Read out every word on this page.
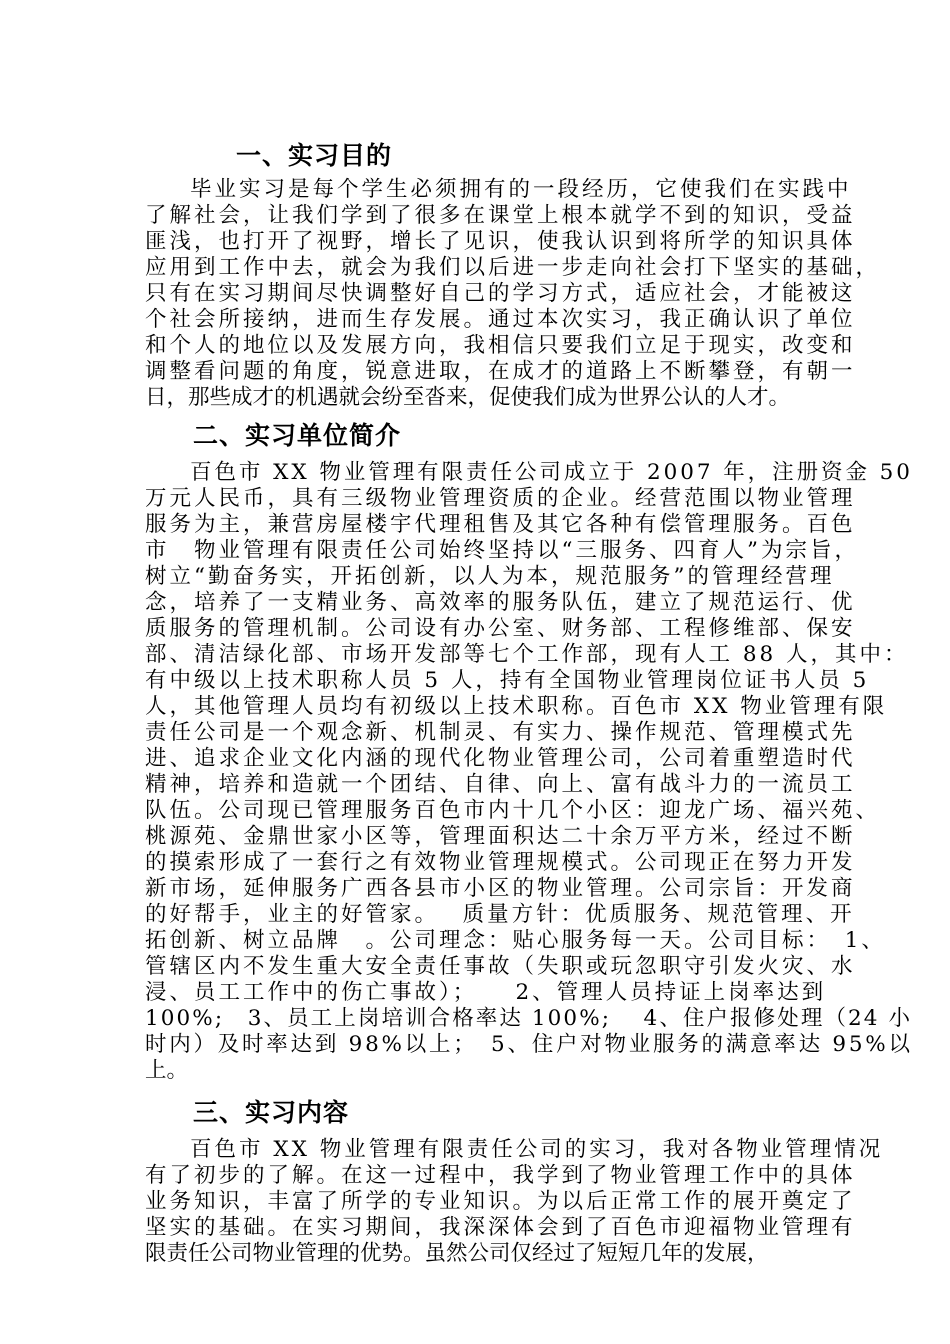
一、实习目的
毕业实习是每个学生必须拥有的一段经历，它使我们在实践中
了解社会，让我们学到了很多在课堂上根本就学不到的知识，受益
匪浅，也打开了视野，增长了见识，使我认识到将所学的知识具体
应用到工作中去，就会为我们以后进一步走向社会打下坚实的基础，
只有在实习期间尽快调整好自己的学习方式，适应社会，才能被这
个社会所接纳，进而生存发展。通过本次实习，我正确认识了单位
和个人的地位以及发展方向，我相信只要我们立足于现实，改变和
调整看问题的角度，锐意进取，在成才的道路上不断攀登，有朝一
日，那些成才的机遇就会纷至沓来，促使我们成为世界公认的人才。
二、实习单位简介
百色市 XX 物业管理有限责任公司成立于 2007 年，注册资金 50
万元人民币，具有三级物业管理资质的企业。经营范围以物业管理
服务为主，兼营房屋楼宇代理租售及其它各种有偿管理服务。百色
市　物业管理有限责任公司始终坚持以“三服务、四育人”为宗旨，
树立“勤奋务实，开拓创新，以人为本，规范服务”的管理经营理
念，培养了一支精业务、高效率的服务队伍，建立了规范运行、优
质服务的管理机制。公司设有办公室、财务部、工程修维部、保安
部、清洁绿化部、市场开发部等七个工作部，现有人工 88 人，其中：
有中级以上技术职称人员 5 人，持有全国物业管理岗位证书人员 5
人，其他管理人员均有初级以上技术职称。百色市 XX 物业管理有限
责任公司是一个观念新、机制灵、有实力、操作规范、管理模式先
进、追求企业文化内涵的现代化物业管理公司，公司着重塑造时代
精神，培养和造就一个团结、自律、向上、富有战斗力的一流员工
队伍。公司现已管理服务百色市内十几个小区：迎龙广场、福兴苑、
桃源苑、金鼎世家小区等，管理面积达二十余万平方米，经过不断
的摸索形成了一套行之有效物业管理规模式。公司现正在努力开发
新市场，延伸服务广西各县市小区的物业管理。公司宗旨：开发商
的好帮手，业主的好管家。　 质量方针：优质服务、规范管理、开
拓创新、树立品牌　。公司理念：贴心服务每一天。公司目标：　1、
管辖区内不发生重大安全责任事故（失职或玩忽职守引发火灾、水
浸、员工工作中的伤亡事故）；　　2、管理人员持证上岗率达到
100%;　3、员工上岗培训合格率达 100%;　 4、住户报修处理（24 小
时内）及时率达到 98%以上；　5、住户对物业服务的满意率达 95%以
上。
三、实习内容
百色市 XX 物业管理有限责任公司的实习，我对各物业管理情况
有了初步的了解。在这一过程中，我学到了物业管理工作中的具体
业务知识，丰富了所学的专业知识。为以后正常工作的展开奠定了
坚实的基础。在实习期间，我深深体会到了百色市迎福物业管理有
限责任公司物业管理的优势。虽然公司仅经过了短短几年的发展，
